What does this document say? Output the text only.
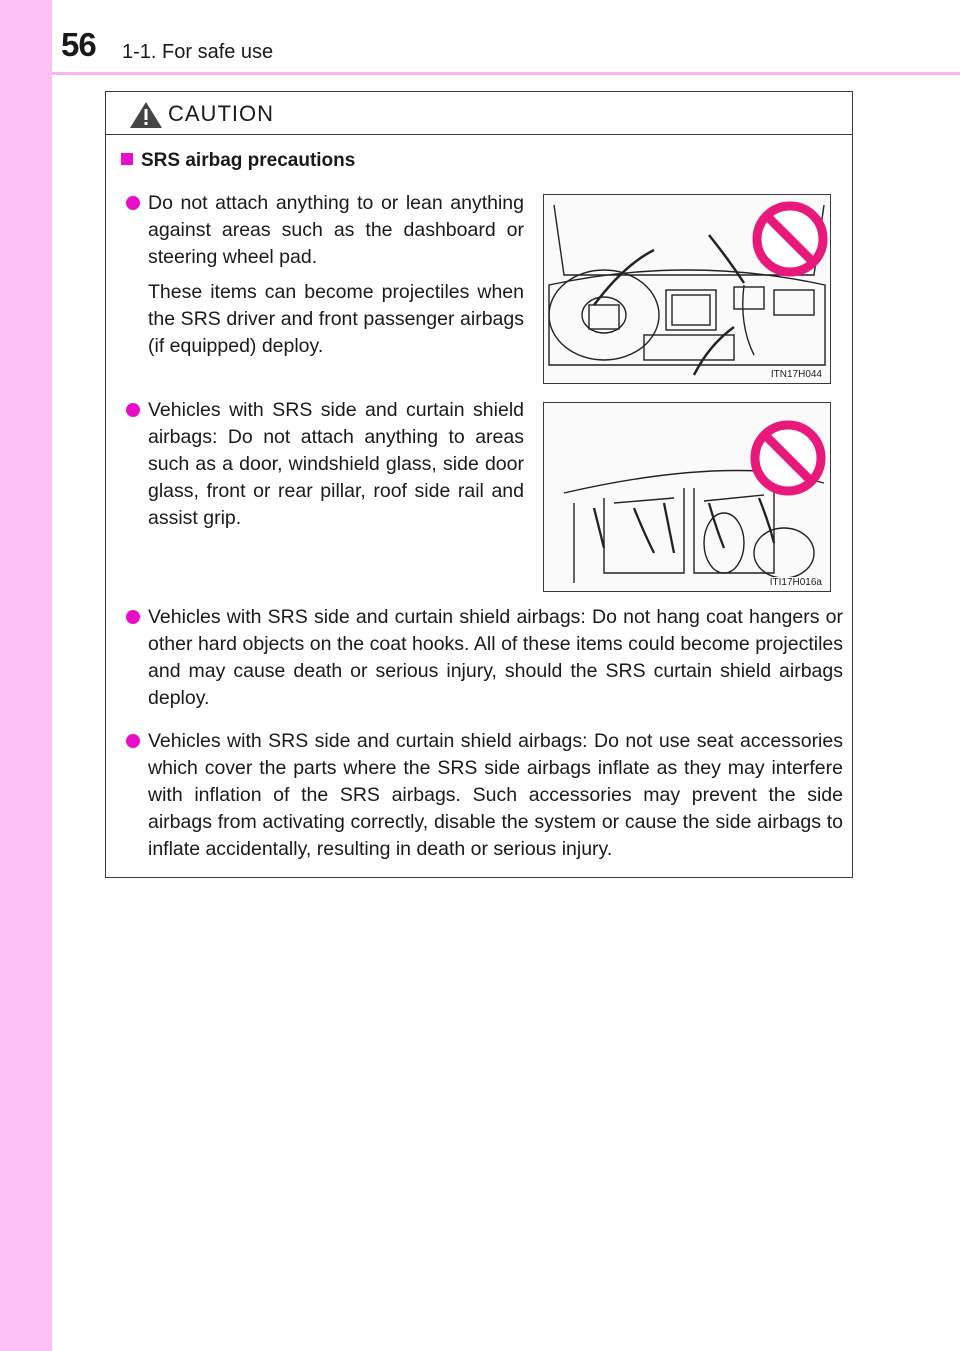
56 1-1. For safe use
CAUTION
SRS airbag precautions
Do not attach anything to or lean anything against areas such as the dashboard or steering wheel pad.
These items can become projectiles when the SRS driver and front passenger airbags (if equipped) deploy.
ITN17H044
Vehicles with SRS side and curtain shield airbags: Do not attach anything to areas such as a door, windshield glass, side door glass, front or rear pillar, roof side rail and assist grip.
ITI17H016a
Vehicles with SRS side and curtain shield airbags: Do not hang coat hangers or other hard objects on the coat hooks. All of these items could become projectiles and may cause death or serious injury, should the SRS curtain shield airbags deploy.
Vehicles with SRS side and curtain shield airbags: Do not use seat accessories which cover the parts where the SRS side airbags inflate as they may interfere with inflation of the SRS airbags. Such accessories may prevent the side airbags from activating correctly, disable the system or cause the side airbags to inflate accidentally, resulting in death or serious injury.
